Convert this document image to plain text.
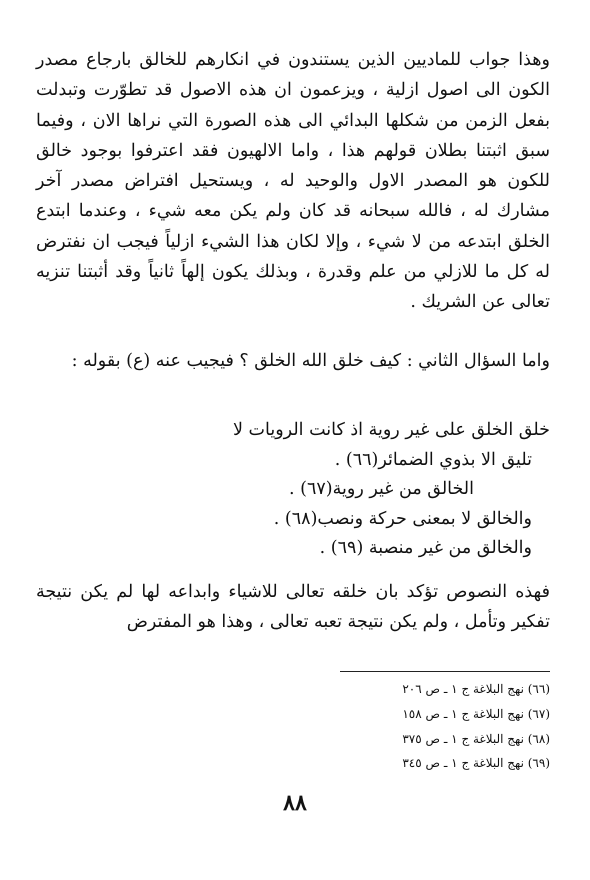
وهذا جواب للماديين الذين يستندون في انكارهم للخالق بارجاع مصدر الكون الى اصول ازلية ، ويزعمون ان هذه الاصول قد تطوّرت وتبدلت بفعل الزمن من شكلها البدائي الى هذه الصورة التي نراها الان ، وفيما سبق اثبتنا بطلان قولهم هذا ، واما الالهيون فقد اعترفوا بوجود خالق للكون هو المصدر الاول والوحيد له ، ويستحيل افتراض مصدر آخر مشارك له ، فالله سبحانه قد كان ولم يكن معه شيء ، وعندما ابتدع الخلق ابتدعه من لا شيء ، وإلا لكان هذا الشيء ازلياً فيجب ان نفترض له كل ما للازلي من علم وقدرة ، وبذلك يكون إلهاً ثانياً وقد أثبتنا تنزيه تعالى عن الشريك .

واما السؤال الثاني : كيف خلق الله الخلق ؟ فيجيب عنه (ع) بقوله :

خلق الخلق على غير روية اذ كانت الرويات لا
تليق الا بذوي الضمائر(٦٦) .
الخالق من غير روية(٦٧) .
والخالق لا بمعنى حركة ونصب(٦٨) .
والخالق من غير منصبة (٦٩) .

فهذه النصوص تؤكد بان خلقه تعالى للاشياء وابداعه لها لم يكن نتيجة تفكير وتأمل ، ولم يكن نتيجة تعبه تعالى ، وهذا هو المفترض

(٦٦) نهج البلاغة ج ١ ـ ص ٢٠٦
(٦٧) نهج البلاغة ج ١ ـ ص ١٥٨
(٦٨) نهج البلاغة ج ١ ـ ص ٣٧٥
(٦٩) نهج البلاغة ج ١ ـ ص ٣٤٥
٨٨
